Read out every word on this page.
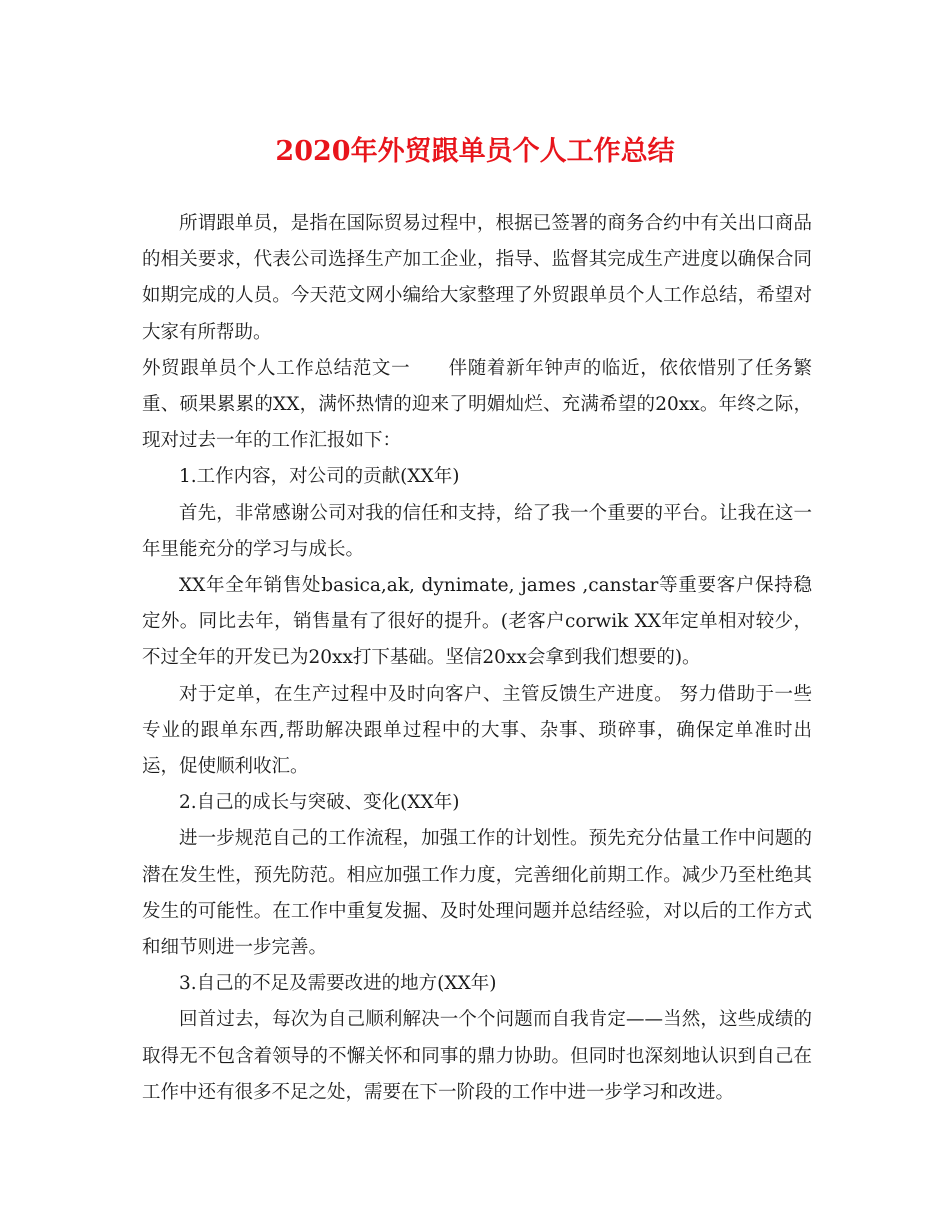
2020年外贸跟单员个人工作总结

所谓跟单员，是指在国际贸易过程中，根据已签署的商务合约中有关出口商品的相关要求，代表公司选择生产加工企业，指导、监督其完成生产进度以确保合同如期完成的人员。今天范文网小编给大家整理了外贸跟单员个人工作总结，希望对大家有所帮助。

外贸跟单员个人工作总结范文一　　伴随着新年钟声的临近，依依惜别了任务繁重、硕果累累的XX，满怀热情的迎来了明媚灿烂、充满希望的20xx。年终之际，现对过去一年的工作汇报如下：

1.工作内容，对公司的贡献(XX年)

首先，非常感谢公司对我的信任和支持，给了我一个重要的平台。让我在这一年里能充分的学习与成长。

XX年全年销售处basica,ak, dynimate, james ,canstar等重要客户保持稳定外。同比去年，销售量有了很好的提升。(老客户corwik XX年定单相对较少，不过全年的开发已为20xx打下基础。坚信20xx会拿到我们想要的)。

对于定单，在生产过程中及时向客户、主管反馈生产进度。 努力借助于一些专业的跟单东西,帮助解决跟单过程中的大事、杂事、琐碎事，确保定单准时出运，促使顺利收汇。

2.自己的成长与突破、变化(XX年)

进一步规范自己的工作流程，加强工作的计划性。预先充分估量工作中问题的潜在发生性，预先防范。相应加强工作力度，完善细化前期工作。减少乃至杜绝其发生的可能性。在工作中重复发掘、及时处理问题并总结经验，对以后的工作方式和细节则进一步完善。

3.自己的不足及需要改进的地方(XX年)

回首过去，每次为自己顺利解决一个个问题而自我肯定——当然，这些成绩的取得无不包含着领导的不懈关怀和同事的鼎力协助。但同时也深刻地认识到自己在工作中还有很多不足之处，需要在下一阶段的工作中进一步学习和改进。
